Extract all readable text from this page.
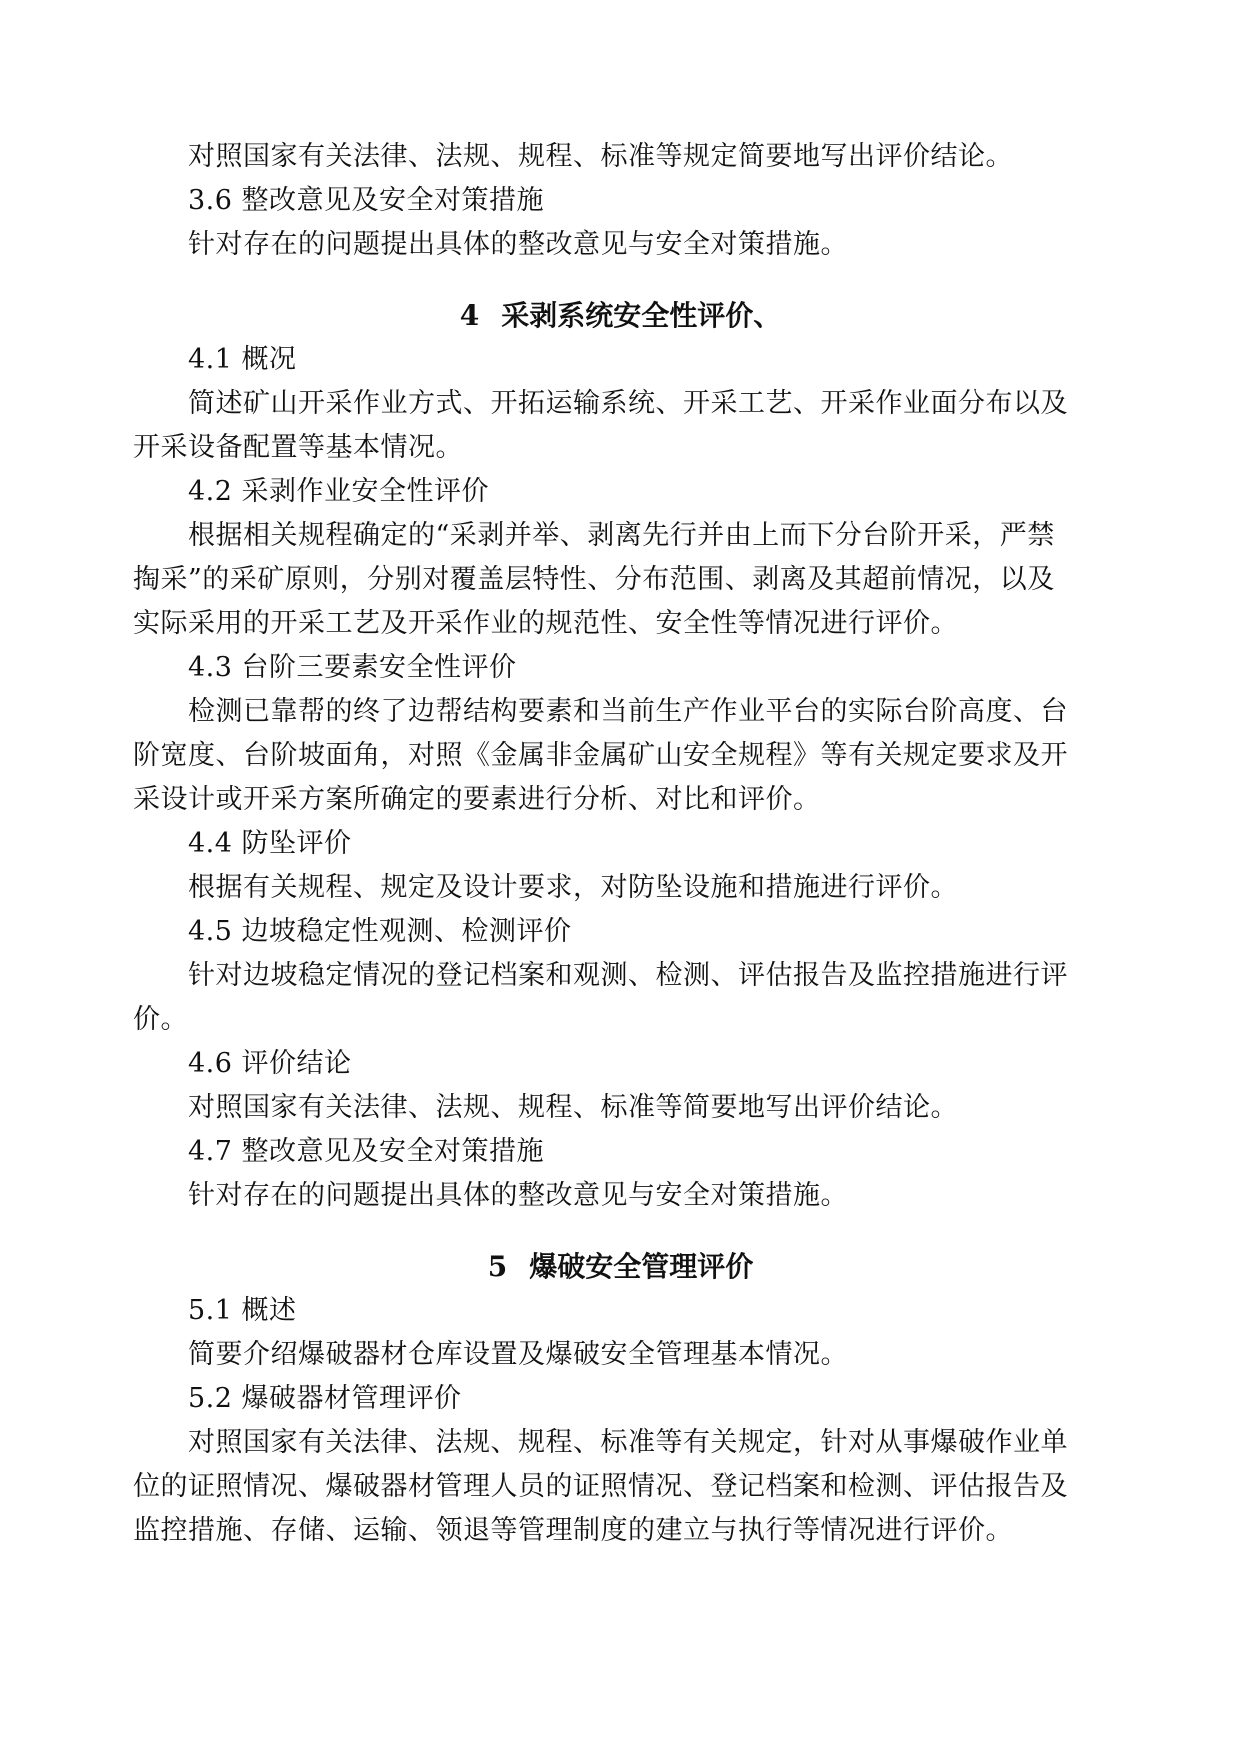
对照国家有关法律、法规、规程、标准等规定简要地写出评价结论。
3.6 整改意见及安全对策措施
针对存在的问题提出具体的整改意见与安全对策措施。
4 采剥系统安全性评价、
4.1 概况
简述矿山开采作业方式、开拓运输系统、开采工艺、开采作业面分布以及
开采设备配置等基本情况。
4.2 采剥作业安全性评价
根据相关规程确定的“采剥并举、剥离先行并由上而下分台阶开采，严禁
掏采”的采矿原则，分别对覆盖层特性、分布范围、剥离及其超前情况，以及
实际采用的开采工艺及开采作业的规范性、安全性等情况进行评价。
4.3 台阶三要素安全性评价
检测已靠帮的终了边帮结构要素和当前生产作业平台的实际台阶高度、台
阶宽度、台阶坡面角，对照《金属非金属矿山安全规程》等有关规定要求及开
采设计或开采方案所确定的要素进行分析、对比和评价。
4.4 防坠评价
根据有关规程、规定及设计要求，对防坠设施和措施进行评价。
4.5 边坡稳定性观测、检测评价
针对边坡稳定情况的登记档案和观测、检测、评估报告及监控措施进行评
价。
4.6 评价结论
对照国家有关法律、法规、规程、标准等简要地写出评价结论。
4.7 整改意见及安全对策措施
针对存在的问题提出具体的整改意见与安全对策措施。
5 爆破安全管理评价
5.1 概述
简要介绍爆破器材仓库设置及爆破安全管理基本情况。
5.2 爆破器材管理评价
对照国家有关法律、法规、规程、标准等有关规定，针对从事爆破作业单
位的证照情况、爆破器材管理人员的证照情况、登记档案和检测、评估报告及
监控措施、存储、运输、领退等管理制度的建立与执行等情况进行评价。
